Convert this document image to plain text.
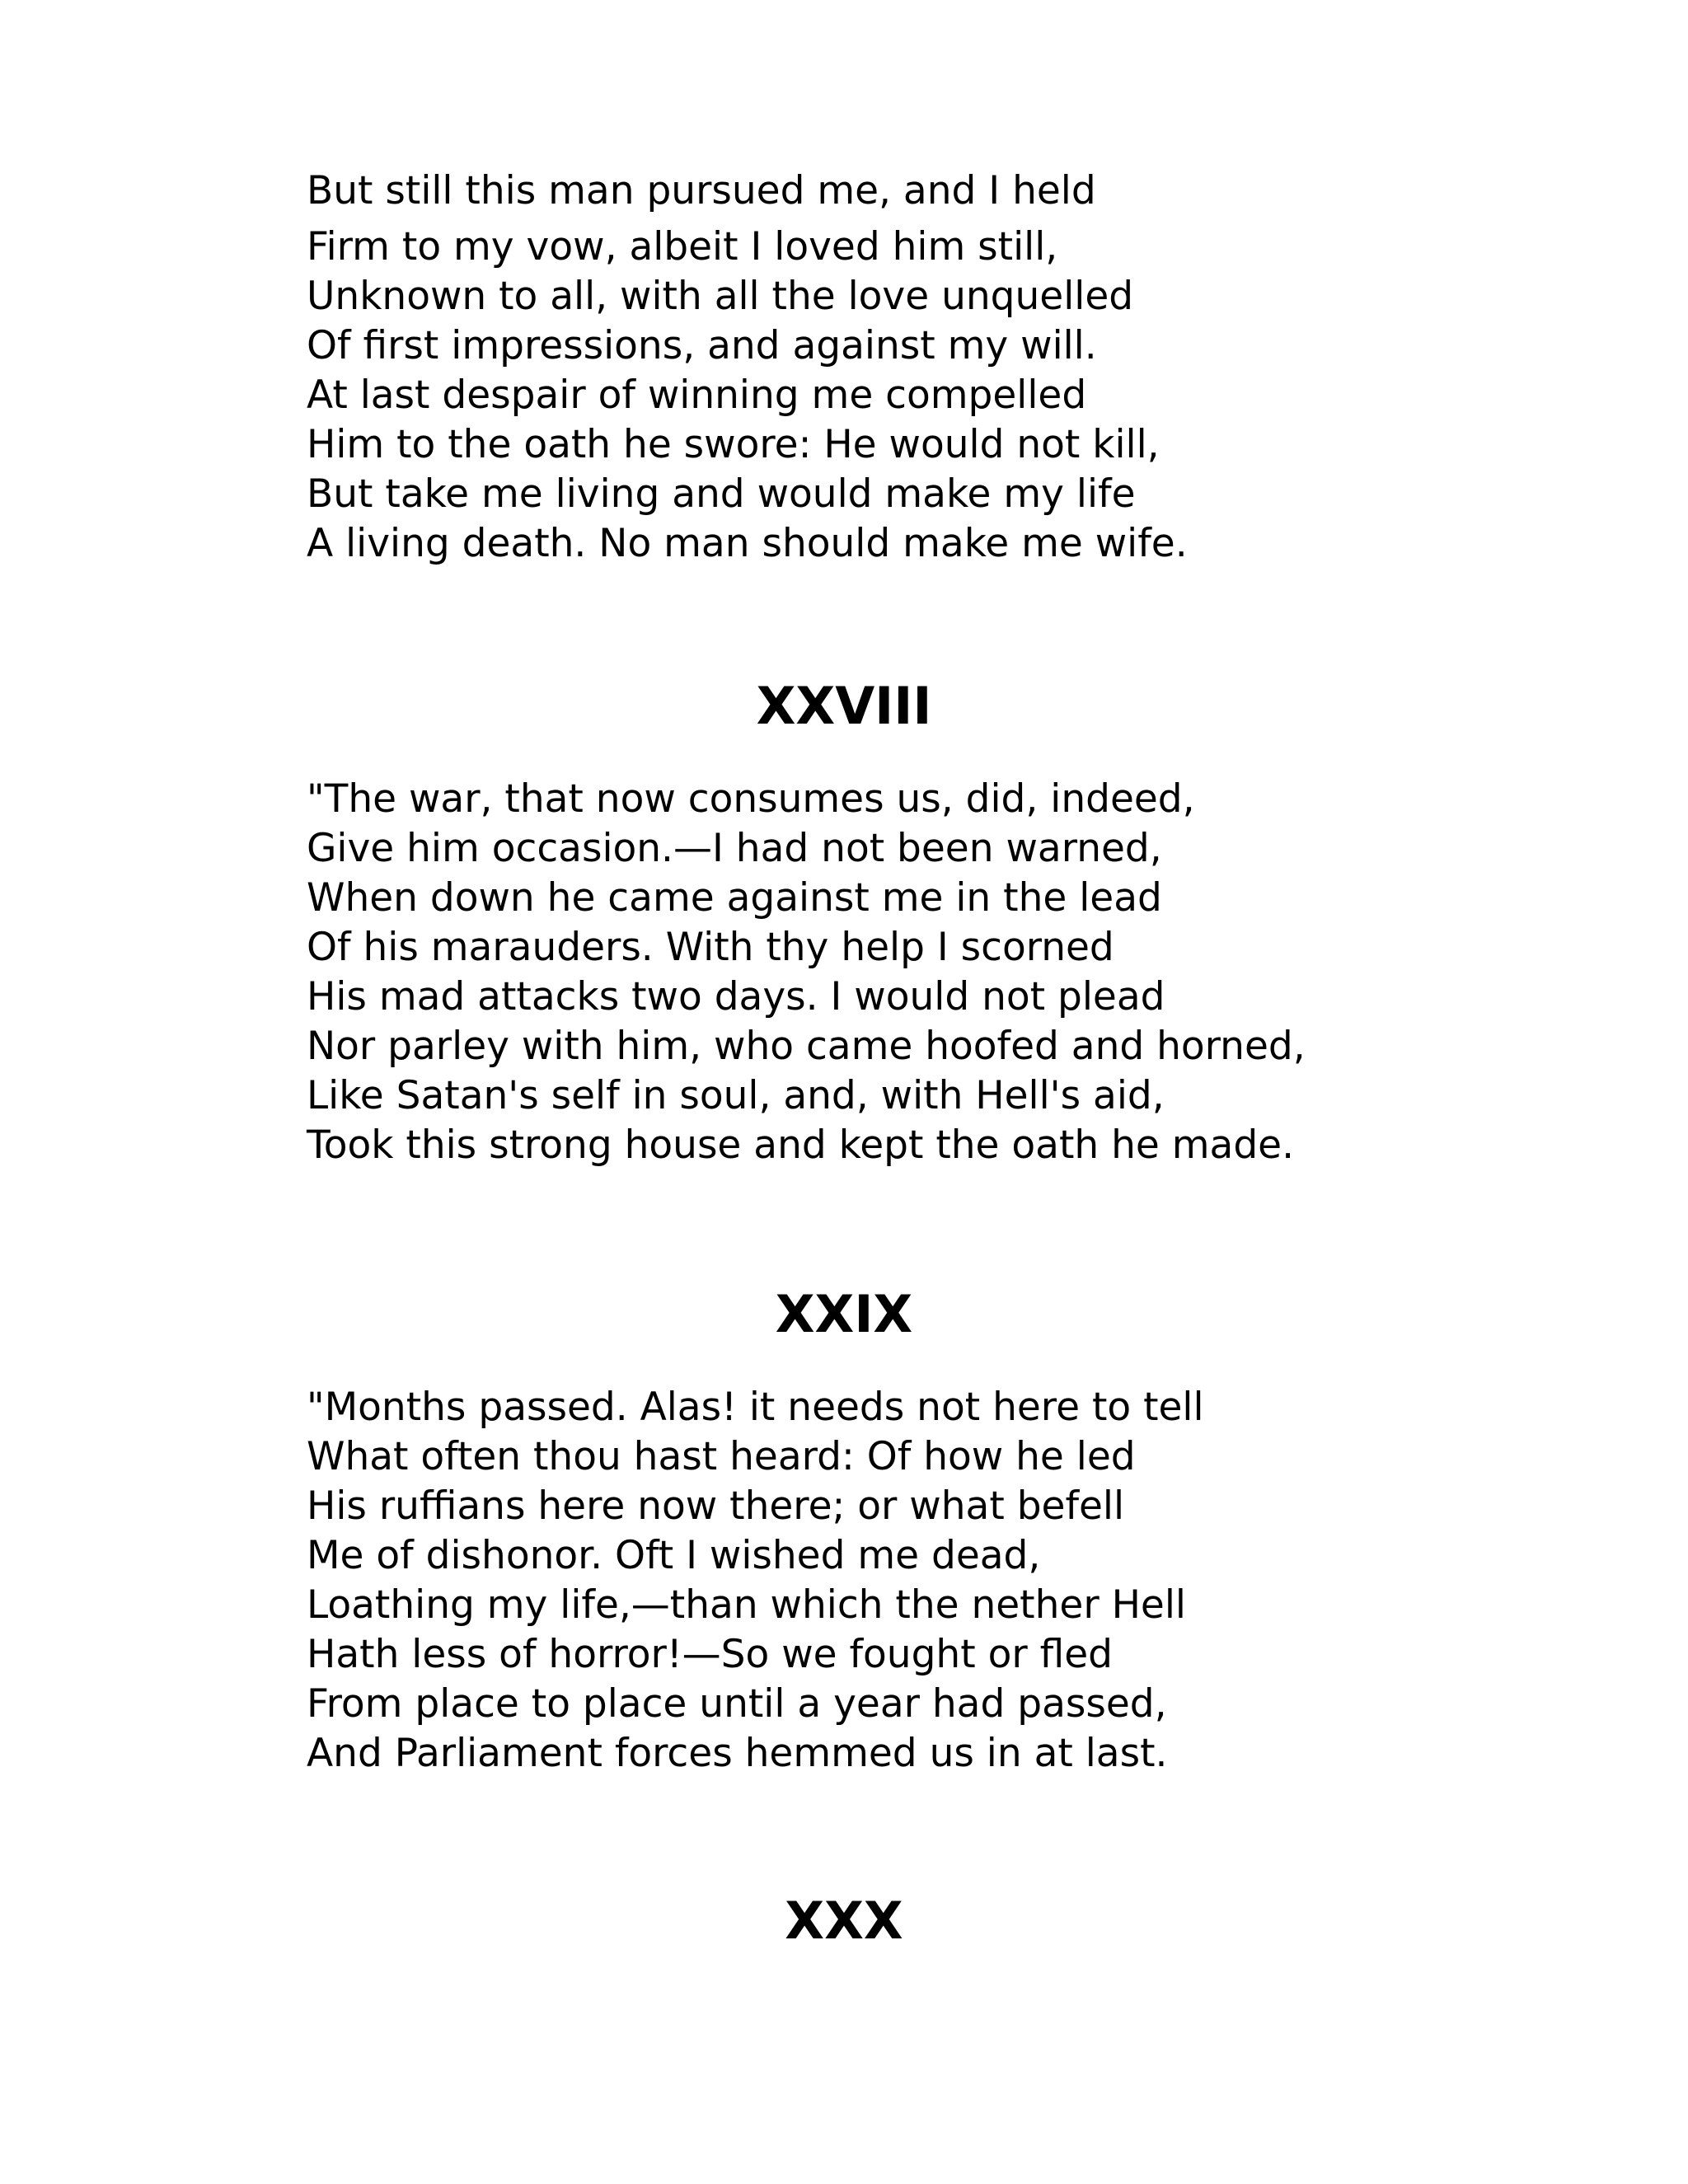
But still this man pursued me, and I held
Firm to my vow, albeit I loved him still,
Unknown to all, with all the love unquelled
Of first impressions, and against my will.
At last despair of winning me compelled
Him to the oath he swore: He would not kill,
But take me living and would make my life
A living death. No man should make me wife.
XXVIII
"The war, that now consumes us, did, indeed,
Give him occasion.—I had not been warned,
When down he came against me in the lead
Of his marauders. With thy help I scorned
His mad attacks two days. I would not plead
Nor parley with him, who came hoofed and horned,
Like Satan's self in soul, and, with Hell's aid,
Took this strong house and kept the oath he made.
XXIX
"Months passed. Alas! it needs not here to tell
What often thou hast heard: Of how he led
His ruffians here now there; or what befell
Me of dishonor. Oft I wished me dead,
Loathing my life,—than which the nether Hell
Hath less of horror!—So we fought or fled
From place to place until a year had passed,
And Parliament forces hemmed us in at last.
XXX
